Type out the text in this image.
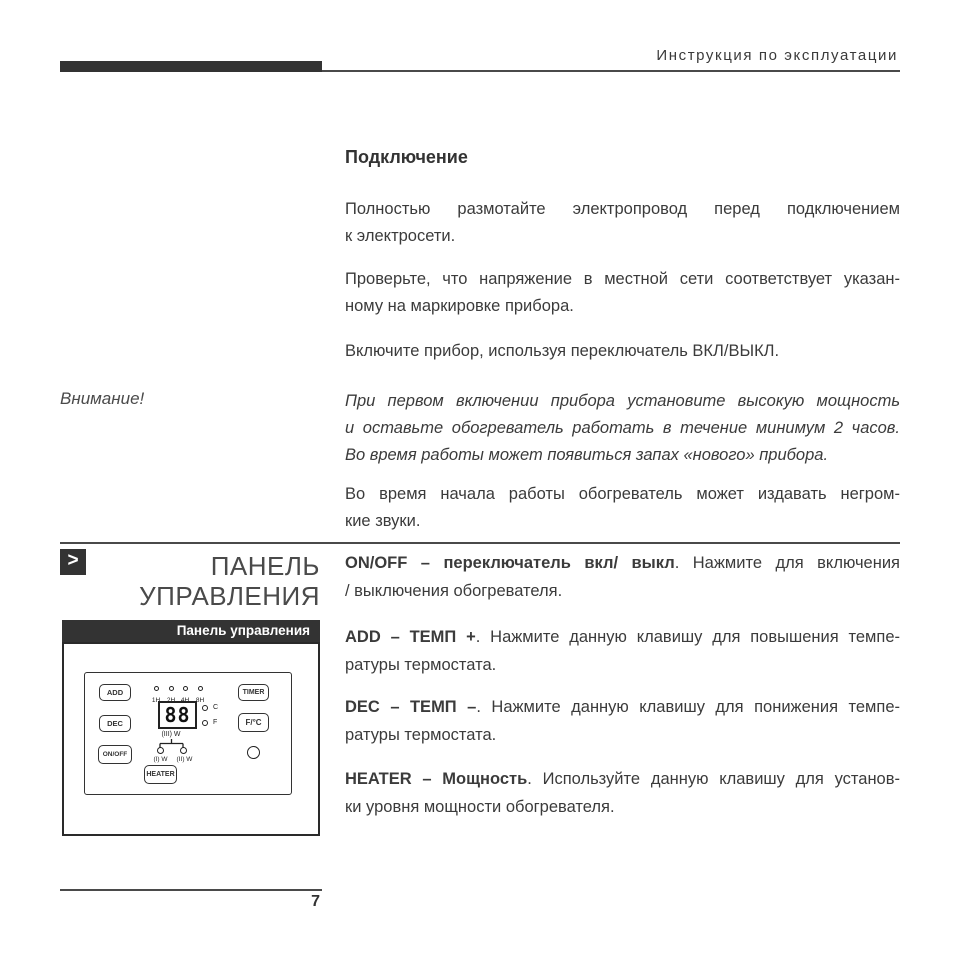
Инструкция по эксплуатации
Подключение
Полностью размотайте электропровод перед подключением
к электросети.
Проверьте, что напряжение в местной сети соответствует указан-
ному на маркировке прибора.
Включите прибор, используя переключатель ВКЛ/ВЫКЛ.
Внимание!	При первом включении прибора установите высокую мощность
и оставьте обогреватель работать в течение минимум 2 часов.
Во время работы может появиться запах «нового» прибора.
Во время начала работы обогреватель может издавать негром-
кие звуки.
>	ПАНЕЛЬ
УПРАВЛЕНИЯ
ON/OFF – переключатель вкл/ выкл. Нажмите для включения
/ выключения обогревателя.
ADD – ТЕМП +. Нажмите данную клавишу для повышения темпе-
ратуры термостата.
DEC – ТЕМП –. Нажмите данную клавишу для понижения темпе-
ратуры термостата.
HEATER – Мощность. Используйте данную клавишу для установ-
ки уровня мощности обогревателя.
Панель управления
ADD
DEC
ON/OFF
1H	2H 4H	8H
88	C
F
(III) W
(I) W	(II) W
TIMER
F/°C
HEATER
7
